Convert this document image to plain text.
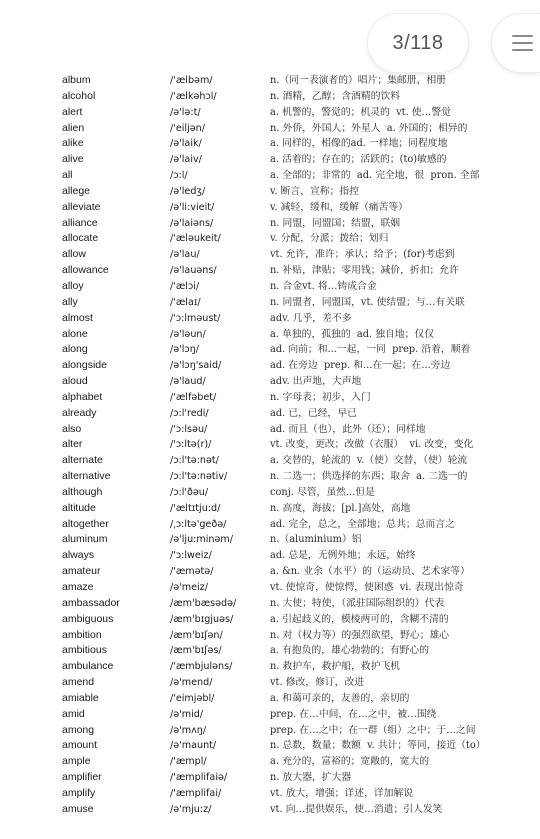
3/118
album	/'ælbəm/	n.（同一表演者的）唱片；集邮册，相册
alcohol	/'ælkəhɔl/	n. 酒精，乙醇；含酒精的饮料
alert	/ə'lə:t/	a. 机警的，警觉的；机灵的  vt. 使…警觉
alien	/'eiljən/	n. 外侨，外国人；外星人  a. 外国的；相异的
alike	/ə'laik/	a. 同样的，相像的ad. 一样地；同程度地
alive	/ə'laiv/	a. 活着的；存在的；活跃的；(to)敏感的
all	/ɔ:l/	a. 全部的；非常的  ad. 完全地，很  pron. 全部
allege	/ə'ledʒ/	v. 断言，宣称；指控
alleviate	/ə'li:vieit/	v. 减轻，缓和，缓解（痛苦等）
alliance	/ə'laiəns/	n. 同盟，同盟国；结盟，联姻
allocate	/'æləukeit/	v. 分配，分派；拨给；划归
allow	/ə'lau/	vt. 允许，准许；承认；给予；(for)考虑到
allowance	/ə'lauəns/	n. 补贴，津贴；零用钱；减价，折扣；允许
alloy	/'ælɔi/	n. 合金vt. 将…铸成合金
ally	/'ælaɪ/	n. 同盟者，同盟国，vt. 使结盟；与…有关联
almost	/'ɔ:lməust/	adv. 几乎，差不多
alone	/ə'ləun/	a. 单独的，孤独的  ad. 独自地；仅仅
along	/ə'lɔŋ/	ad. 向前；和...一起，一同  prep. 沿着，顺着
alongside	/ə'lɔŋ'said/	ad. 在旁边  prep. 和...在一起；在...旁边
aloud	/ə'laud/	adv. 出声地，大声地
alphabet	/'ælfəbet/	n. 字母表；初步，入门
already	/ɔ:l'redi/	ad. 已，已经，早已
also	/'ɔ:lsəu/	ad. 而且（也），此外（还）；同样地
alter	/'ɔ:ltə(r)/	vt. 改变，更改；改做（衣服）  vi. 改变，变化
alternate	/ɔ:l'tə:nət/	a. 交替的，轮流的  v.（使）交替，（使）轮流
alternative	/ɔ:l'tə:nətiv/	n. 二选一；供选择的东西；取舍  a. 二选一的
although	/ɔ:l'ðəu/	conj. 尽管，虽然...但是
altitude	/'æltɪtju:d/	n. 高度，海拔；[pl.]高处，高地
altogether	/ˌɔ:ltə'geðə/	ad. 完全，总之，全部地；总共；总而言之
aluminum	/ə'lju:minəm/	n.（aluminium）铝
always	/'ɔ:lweiz/	ad. 总是，无例外地；永远，始终
amateur	/'æmətə/	a. &n. 业余（水平）的（运动员、艺术家等）
amaze	/ə'meiz/	vt. 使惊奇，使惊愕，使困惑  vi. 表现出惊奇
ambassador	/æm'bæsədə/	n. 大使；特使，（派驻国际组织的）代表
ambiguous	/æm'bɪgjuəs/	a. 引起歧义的，模棱两可的，含糊不清的
ambition	/æm'bɪʃən/	n. 对（权力等）的强烈欲望，野心；雄心
ambitious	/æm'bɪʃəs/	a. 有抱负的，雄心勃勃的；有野心的
ambulance	/'æmbjuləns/	n. 救护车，救护船，救护飞机
amend	/ə'mend/	vt. 修改，修订，改进
amiable	/'eimjəbl/	a. 和蔼可亲的，友善的，亲切的
amid	/ə'mid/	prep. 在…中间，在…之中，被…围绕
among	/ə'mʌŋ/	prep. 在…之中；在一群（组）之中；于…之间
amount	/ə'maunt/	n. 总数，数量；数额  v. 共计；等同，接近（to）
ample	/'æmpl/	a. 充分的，富裕的；宽敞的，宽大的
amplifier	/'æmplifaiə/	n. 放大器，扩大器
amplify	/'æmplifai/	vt. 放大，增强；详述，详加解说
amuse	/ə'mju:z/	vt. 向…提供娱乐，使…消遣；引人发笑
